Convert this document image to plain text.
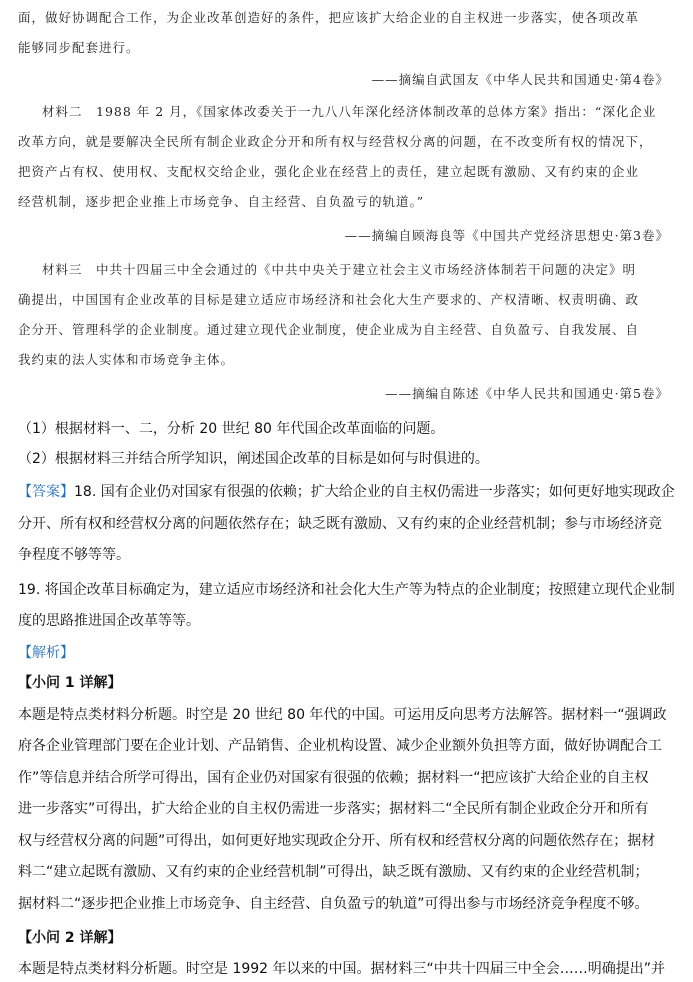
面，做好协调配合工作，为企业改革创造好的条件，把应该扩大给企业的自主权进一步落实，使各项改革
能够同步配套进行。
——摘编自武国友《中华人民共和国通史·第4卷》
材料二　1988 年 2 月，《国家体改委关于一九八八年深化经济体制改革的总体方案》指出：“深化企业
改革方向，就是要解决全民所有制企业政企分开和所有权与经营权分离的问题，在不改变所有权的情况下，
把资产占有权、使用权、支配权交给企业，强化企业在经营上的责任，建立起既有激励、又有约束的企业
经营机制，逐步把企业推上市场竞争、自主经营、自负盈亏的轨道。”
——摘编自顾海良等《中国共产党经济思想史·第3卷》
材料三　中共十四届三中全会通过的《中共中央关于建立社会主义市场经济体制若干问题的决定》明
确提出，中国国有企业改革的目标是建立适应市场经济和社会化大生产要求的、产权清晰、权责明确、政
企分开、管理科学的企业制度。通过建立现代企业制度，使企业成为自主经营、自负盈亏、自我发展、自
我约束的法人实体和市场竞争主体。
——摘编自陈述《中华人民共和国通史·第5卷》
（1）根据材料一、二，分析 20 世纪 80 年代国企改革面临的问题。
（2）根据材料三并结合所学知识，阐述国企改革的目标是如何与时俱进的。
【答案】18. 国有企业仍对国家有很强的依赖；扩大给企业的自主权仍需进一步落实；如何更好地实现政企
分开、所有权和经营权分离的问题依然存在；缺乏既有激励、又有约束的企业经营机制；参与市场经济竞
争程度不够等等。
19. 将国企改革目标确定为，建立适应市场经济和社会化大生产等为特点的企业制度；按照建立现代企业制
度的思路推进国企改革等等。
【解析】
【小问 1 详解】
本题是特点类材料分析题。时空是 20 世纪 80 年代的中国。可运用反向思考方法解答。据材料一“强调政
府各企业管理部门要在企业计划、产品销售、企业机构设置、减少企业额外负担等方面，做好协调配合工
作”等信息并结合所学可得出，国有企业仍对国家有很强的依赖；据材料一“把应该扩大给企业的自主权
进一步落实”可得出，扩大给企业的自主权仍需进一步落实；据材料二“全民所有制企业政企分开和所有
权与经营权分离的问题”可得出，如何更好地实现政企分开、所有权和经营权分离的问题依然存在；据材
料二“建立起既有激励、又有约束的企业经营机制”可得出，缺乏既有激励、又有约束的企业经营机制；
据材料二“逐步把企业推上市场竞争、自主经营、自负盈亏的轨道”可得出参与市场经济竞争程度不够。
【小问 2 详解】
本题是特点类材料分析题。时空是 1992 年以来的中国。据材料三“中共十四届三中全会……明确提出”并
